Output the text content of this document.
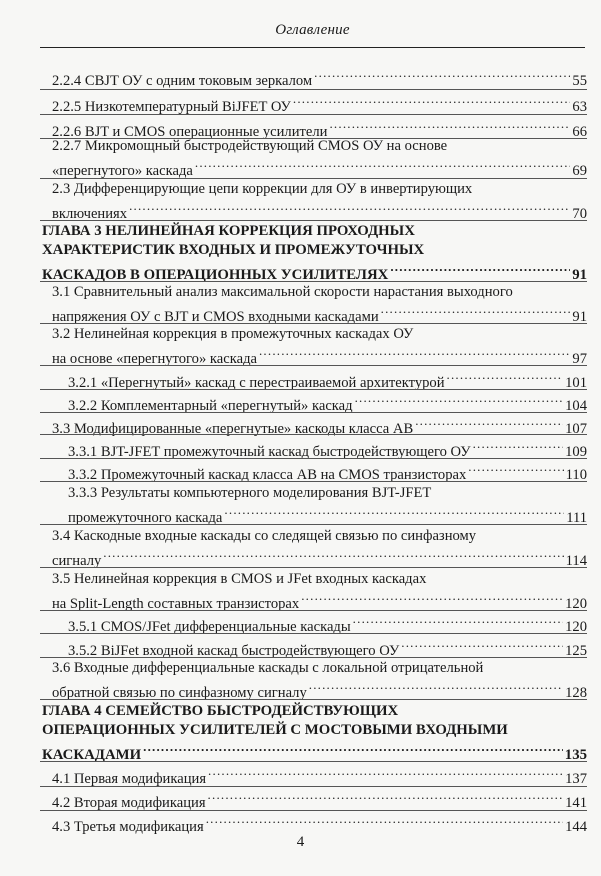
Оглавление
2.2.4 CBJT ОУ с одним токовым зеркалом .....	55
2.2.5 Низкотемпературный BiJFET ОУ .....	63
2.2.6 BJT и CMOS операционные усилители .....	66
2.2.7 Микромощный быстродействующий CMOS ОУ на основе
«перегнутого» каскада .....	69
2.3 Дифференцирующие цепи коррекции для ОУ в инвертирующих
включениях .....	70
ГЛАВА 3 НЕЛИНЕЙНАЯ КОРРЕКЦИЯ ПРОХОДНЫХ
ХАРАКТЕРИСТИК ВХОДНЫХ И ПРОМЕЖУТОЧНЫХ
КАСКАДОВ В ОПЕРАЦИОННЫХ УСИЛИТЕЛЯХ .....	91
3.1 Сравнительный анализ максимальной скорости нарастания выходного
напряжения ОУ с BJT и CMOS входными каскадами .....	91
3.2 Нелинейная коррекция в промежуточных каскадах ОУ
на основе «перегнутого» каскада .....	97
3.2.1 «Перегнутый» каскад с перестраиваемой архитектурой .....	101
3.2.2 Комплементарный «перегнутый» каскад .....	104
3.3 Модифицированные «перегнутые» каскоды класса АВ .....	107
3.3.1 BJT-JFET промежуточный каскад быстродействующего ОУ .....	109
3.3.2 Промежуточный каскад класса АВ на CMOS транзисторах .....	110
3.3.3 Результаты компьютерного моделирования BJT-JFET
промежуточного каскада .....	111
3.4 Каскодные входные каскады со следящей связью по синфазному
сигналу .....	114
3.5 Нелинейная коррекция в CMOS и JFet входных каскадах
на Split-Length составных транзисторах .....	120
3.5.1 CMOS/JFet дифференциальные каскады .....	120
3.5.2 BiJFet входной каскад быстродействующего ОУ .....	125
3.6 Входные дифференциальные каскады с локальной отрицательной
обратной связью по синфазному сигналу .....	128
ГЛАВА 4 СЕМЕЙСТВО БЫСТРОДЕЙСТВУЮЩИХ
ОПЕРАЦИОННЫХ УСИЛИТЕЛЕЙ С МОСТОВЫМИ ВХОДНЫМИ
КАСКАДАМИ .....	135
4.1 Первая модификация .....	137
4.2 Вторая модификация .....	141
4.3 Третья модификация .....	144
4
